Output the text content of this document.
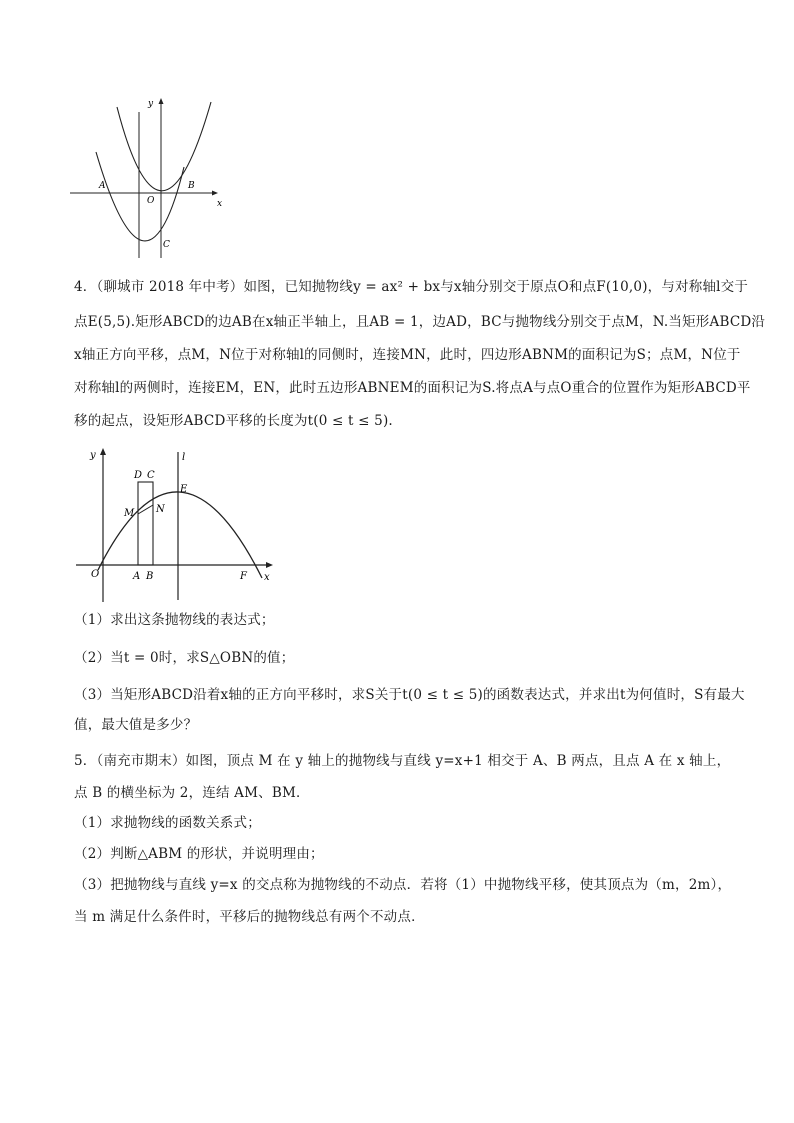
y
x
O
A	B
C
4．（聊城市 2018 年中考）如图，已知抛物线y = ax² + bx与x轴分别交于原点O和点F(10,0)，与对称轴l交于
点E(5,5).矩形ABCD的边AB在x轴正半轴上，且AB = 1，边AD，BC与抛物线分别交于点M，N.当矩形ABCD沿
x轴正方向平移，点M，N位于对称轴l的同侧时，连接MN，此时，四边形ABNM的面积记为S；点M，N位于
对称轴l的两侧时，连接EM，EN，此时五边形ABNEM的面积记为S.将点A与点O重合的位置作为矩形ABCD平
移的起点，设矩形ABCD平移的长度为t(0 ≤ t ≤ 5).
y	l
D C
E
M N
O	A B	F x
（1）求出这条抛物线的表达式；
（2）当t = 0时，求S△OBN的值；
（3）当矩形ABCD沿着x轴的正方向平移时，求S关于t(0 ≤ t ≤ 5)的函数表达式，并求出t为何值时，S有最大
值，最大值是多少？
5．（南充市期末）如图，顶点 M 在 y 轴上的抛物线与直线 y=x+1 相交于 A、B 两点，且点 A 在 x 轴上，
点 B 的横坐标为 2，连结 AM、BM．
（1）求抛物线的函数关系式；
（2）判断△ABM 的形状，并说明理由；
（3）把抛物线与直线 y=x 的交点称为抛物线的不动点．若将（1）中抛物线平移，使其顶点为（m，2m），
当 m 满足什么条件时，平移后的抛物线总有两个不动点．
